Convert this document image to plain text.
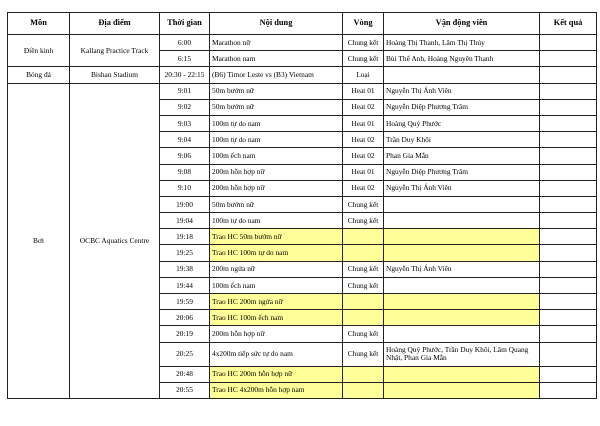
Môn	Địa điểm	Thời gian	Nội dung	Vòng	Vận động viên	Kết quả
Điền kinh	Kallang Practice Track	6:00	Marathon nữ	Chung kết	Hoàng Thị Thanh, Lâm Thị Thúy	
		6:15	Marathon nam	Chung kết	Bùi Thế Anh, Hoàng Nguyên Thanh	
Bóng đá	Bishan Stadium	20:30 - 22:15	(B6) Timor Leste vs (B3) Vietnam	Loại		
Bơi	OCBC Aquatics Centre	9:01	50m bướm nữ	Heat 01	Nguyễn Thị Ánh Viên	
		9:02	50m bướm nữ	Heat 02	Nguyễn Diệp Phương Trâm	
		9:03	100m tự do nam	Heat 01	Hoàng Quý Phước	
		9:04	100m tự do nam	Heat 02	Trần Duy Khôi	
		9:06	100m ếch nam	Heat 02	Phan Gia Mẫn	
		9:08	200m hỗn hợp nữ	Heat 01	Nguyễn Diệp Phương Trâm	
		9:10	200m hỗn hợp nữ	Heat 02	Nguyễn Thị Ánh Viên	
		19:00	50m bướm nữ	Chung kết		
		19:04	100m tự do nam	Chung kết		
		19:18	Trao HC 50m bướm nữ			
		19:25	Trao HC 100m tự do nam			
		19:38	200m ngửa nữ	Chung kết	Nguyễn Thị Ánh Viên	
		19:44	100m ếch nam	Chung kết		
		19:59	Trao HC 200m ngửa nữ			
		20:06	Trao HC 100m ếch nam			
		20:19	200m hỗn hợp nữ	Chung kết		
		20:25	4x200m tiếp sức tự do nam	Chung kết	Hoàng Quý Phước, Trần Duy Khôi, Lâm Quang Nhật, Phan Gia Mẫn	
		20:48	Trao HC 200m hỗn hợp nữ			
		20:55	Trao HC 4x200m hỗn hợp nam			
